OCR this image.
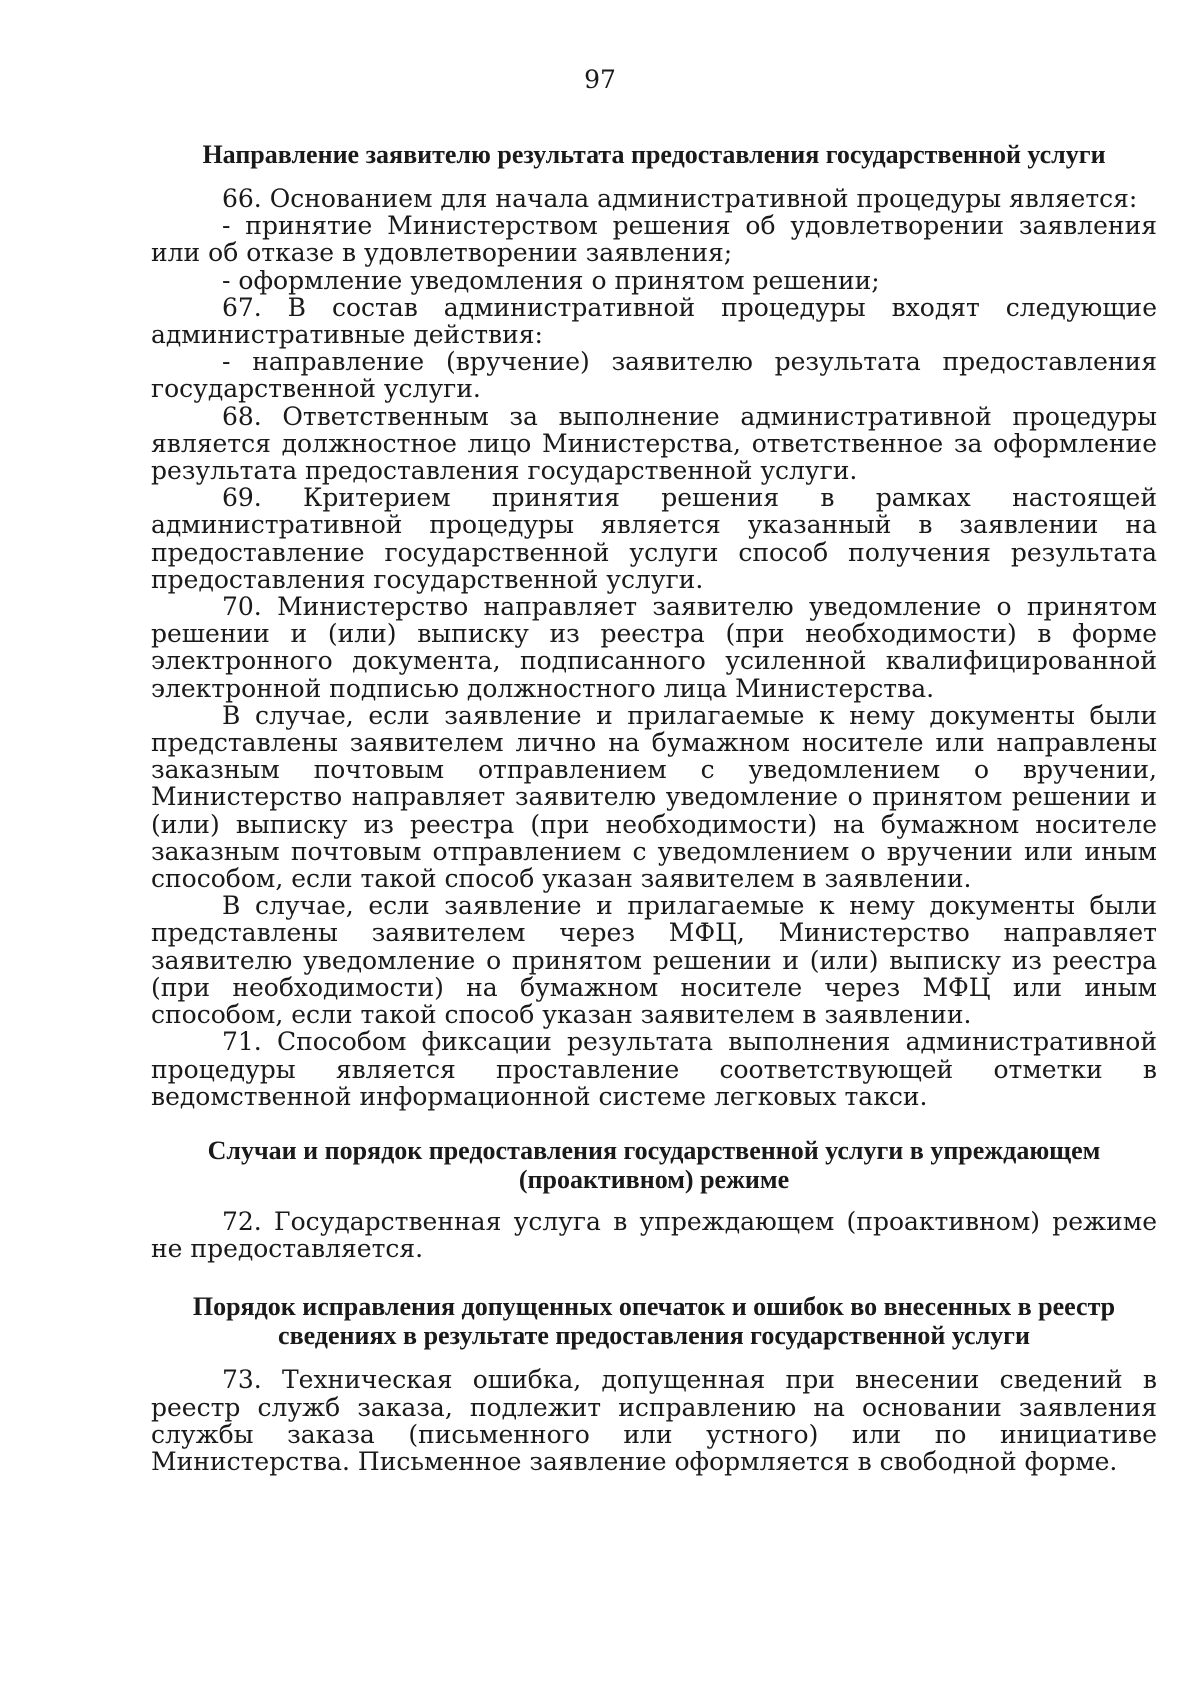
97
Направление заявителю результата предоставления государственной услуги

66. Основанием для начала административной процедуры является:

- принятие Министерством решения об удовлетворении заявления или об отказе в удовлетворении заявления;

- оформление уведомления о принятом решении;

67. В состав административной процедуры входят следующие административные действия:

- направление (вручение) заявителю результата предоставления государственной услуги.

68. Ответственным за выполнение административной процедуры является должностное лицо Министерства, ответственное за оформление результата предоставления государственной услуги.

69. Критерием принятия решения в рамках настоящей административной процедуры является указанный в заявлении на предоставление государственной услуги способ получения результата предоставления государственной услуги.

70. Министерство направляет заявителю уведомление о принятом решении и (или) выписку из реестра (при необходимости) в форме электронного документа, подписанного усиленной квалифицированной электронной подписью должностного лица Министерства.

В случае, если заявление и прилагаемые к нему документы были представлены заявителем лично на бумажном носителе или направлены заказным почтовым отправлением с уведомлением о вручении, Министерство направляет заявителю уведомление о принятом решении и (или) выписку из реестра (при необходимости) на бумажном носителе заказным почтовым отправлением с уведомлением о вручении или иным способом, если такой способ указан заявителем в заявлении.

В случае, если заявление и прилагаемые к нему документы были представлены заявителем через МФЦ, Министерство направляет заявителю уведомление о принятом решении и (или) выписку из реестра (при необходимости) на бумажном носителе через МФЦ или иным способом, если такой способ указан заявителем в заявлении.

71. Способом фиксации результата выполнения административной процедуры является проставление соответствующей отметки в ведомственной информационной системе легковых такси.

Случаи и порядок предоставления государственной услуги в упреждающем (проактивном) режиме

72. Государственная услуга в упреждающем (проактивном) режиме не предоставляется.

Порядок исправления допущенных опечаток и ошибок во внесенных в реестр сведениях в результате предоставления государственной услуги

73. Техническая ошибка, допущенная при внесении сведений в реестр служб заказа, подлежит исправлению на основании заявления службы заказа (письменного или устного) или по инициативе Министерства. Письменное заявление оформляется в свободной форме.
